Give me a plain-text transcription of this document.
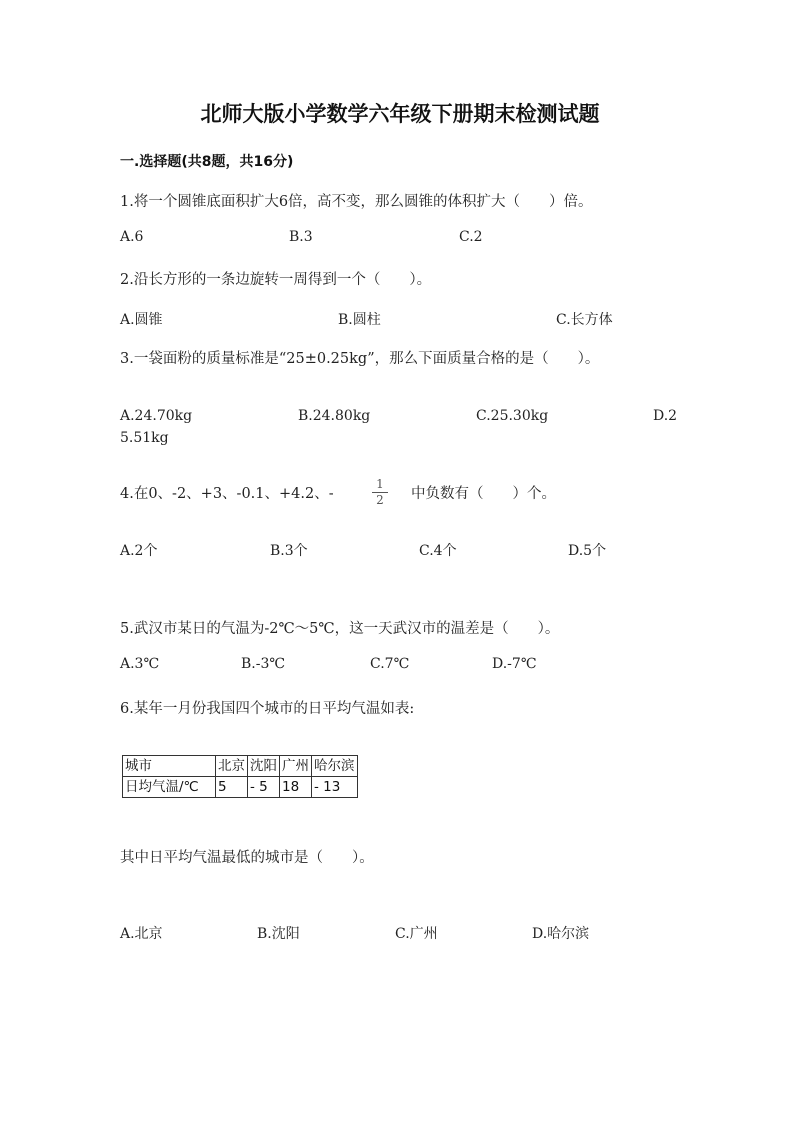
北师大版小学数学六年级下册期末检测试题
一.选择题(共8题，共16分)
1.将一个圆锥底面积扩大6倍，高不变，那么圆锥的体积扩大（　　）倍。
A.6	B.3	C.2
2.沿长方形的一条边旋转一周得到一个（　　）。
A.圆锥	B.圆柱	C.长方体
3.一袋面粉的质量标准是“25±0.25kg”，那么下面质量合格的是（　　）。
A.24.70kg	B.24.80kg	C.25.30kg	D.2
5.51kg
4.在0、-2、+3、-0.1、+4.2、-
1
2 中负数有（　　）个。
A.2个	B.3个	C.4个	D.5个
5.武汉市某日的气温为-2℃～5℃，这一天武汉市的温差是（　　）。
A.3℃	B.-3℃	C.7℃	D.-7℃
6.某年一月份我国四个城市的日平均气温如表:
城市	北京	沈阳	广州	哈尔滨
日均气温/℃	5	- 5	18	- 13
其中日平均气温最低的城市是（　　）。
A.北京	B.沈阳	C.广州	D.哈尔滨
